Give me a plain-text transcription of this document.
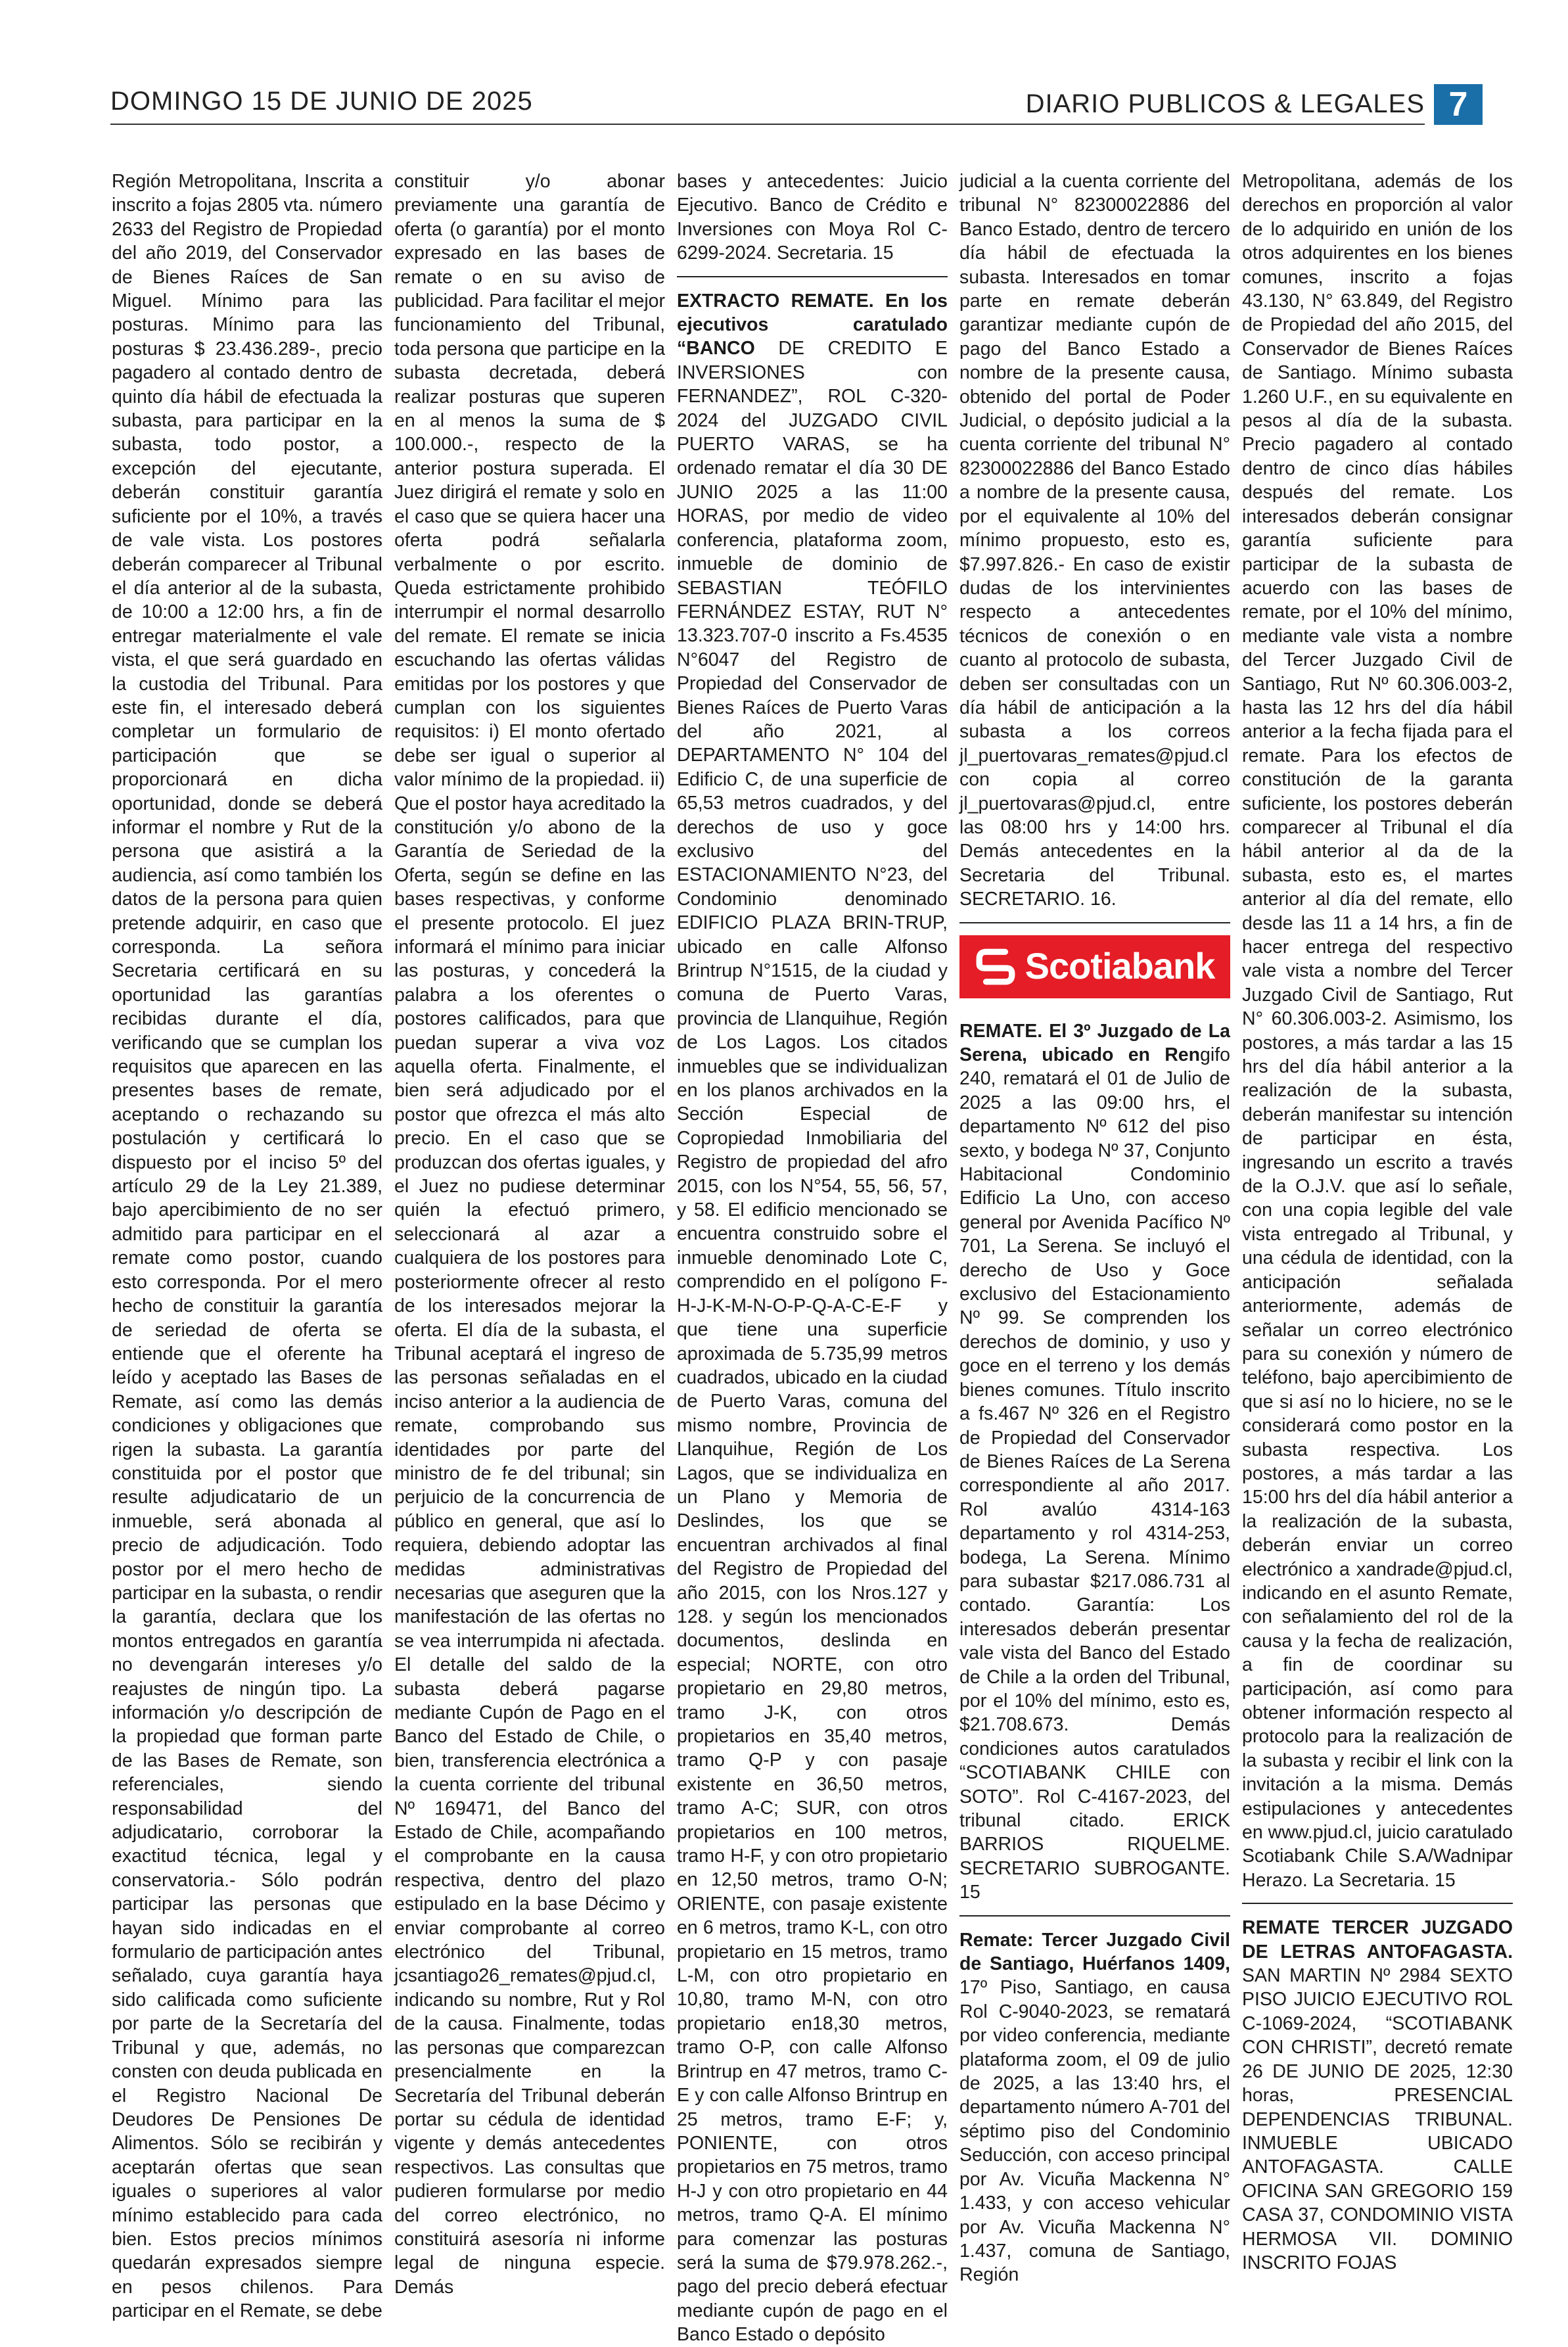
DOMINGO 15 DE JUNIO DE 2025	DIARIO PUBLICOS & LEGALES 7

Región Metropolitana, Inscrita a inscrito a fojas 2805 vta. número 2633 del Registro de Propiedad del año 2019, del Conservador de Bienes Raíces de San Miguel. Mínimo para las posturas. Mínimo para las posturas $ 23.436.289-, precio pagadero al contado dentro de quinto día hábil de efectuada la subasta, para participar en la subasta, todo postor, a excepción del ejecutante, deberán constituir garantía suficiente por el 10%, a través de vale vista. Los postores deberán comparecer al Tribunal el día anterior al de la subasta, de 10:00 a 12:00 hrs, a fin de entregar materialmente el vale vista, el que será guardado en la custodia del Tribunal. Para este fin, el interesado deberá completar un formulario de participación que se proporcionará en dicha oportunidad, donde se deberá informar el nombre y Rut de la persona que asistirá a la audiencia, así como también los datos de la persona para quien pretende adquirir, en caso que corresponda. La señora Secretaria certificará en su oportunidad las garantías recibidas durante el día, verificando que se cumplan los requisitos que aparecen en las presentes bases de remate, aceptando o rechazando su postulación y certificará lo dispuesto por el inciso 5º del artículo 29 de la Ley 21.389, bajo apercibimiento de no ser admitido para participar en el remate como postor, cuando esto corresponda. Por el mero hecho de constituir la garantía de seriedad de oferta se entiende que el oferente ha leído y aceptado las Bases de Remate, así como las demás condiciones y obligaciones que rigen la subasta. La garantía constituida por el postor que resulte adjudicatario de un inmueble, será abonada al precio de adjudicación. Todo postor por el mero hecho de participar en la subasta, o rendir la garantía, declara que los montos entregados en garantía no devengarán intereses y/o reajustes de ningún tipo. La información y/o descripción de la propiedad que forman parte de las Bases de Remate, son referenciales, siendo responsabilidad del adjudicatario, corroborar la exactitud técnica, legal y conservatoria.- Sólo podrán participar las personas que hayan sido indicadas en el formulario de participación antes señalado, cuya garantía haya sido calificada como suficiente por parte de la Secretaría del Tribunal y que, además, no consten con deuda publicada en el Registro Nacional De Deudores De Pensiones De Alimentos. Sólo se recibirán y aceptarán ofertas que sean iguales o superiores al valor mínimo establecido para cada bien. Estos precios mínimos quedarán expresados siempre en pesos chilenos. Para participar en el Remate, se debe

constituir y/o abonar previamente una garantía de oferta (o garantía) por el monto expresado en las bases de remate o en su aviso de publicidad. Para facilitar el mejor funcionamiento del Tribunal, toda persona que participe en la subasta decretada, deberá realizar posturas que superen en al menos la suma de $ 100.000.-, respecto de la anterior postura superada. El Juez dirigirá el remate y solo en el caso que se quiera hacer una oferta podrá señalarla verbalmente o por escrito. Queda estrictamente prohibido interrumpir el normal desarrollo del remate. El remate se inicia escuchando las ofertas válidas emitidas por los postores y que cumplan con los siguientes requisitos: i) El monto ofertado debe ser igual o superior al valor mínimo de la propiedad. ii) Que el postor haya acreditado la constitución y/o abono de la Garantía de Seriedad de la Oferta, según se define en las bases respectivas, y conforme el presente protocolo. El juez informará el mínimo para iniciar las posturas, y concederá la palabra a los oferentes o postores calificados, para que puedan superar a viva voz aquella oferta. Finalmente, el bien será adjudicado por el postor que ofrezca el más alto precio. En el caso que se produzcan dos ofertas iguales, y el Juez no pudiese determinar quién la efectuó primero, seleccionará al azar a cualquiera de los postores para posteriormente ofrecer al resto de los interesados mejorar la oferta. El día de la subasta, el Tribunal aceptará el ingreso de las personas señaladas en el inciso anterior a la audiencia de remate, comprobando sus identidades por parte del ministro de fe del tribunal; sin perjuicio de la concurrencia de público en general, que así lo requiera, debiendo adoptar las medidas administrativas necesarias que aseguren que la manifestación de las ofertas no se vea interrumpida ni afectada. El detalle del saldo de la subasta deberá pagarse mediante Cupón de Pago en el Banco del Estado de Chile, o bien, transferencia electrónica a la cuenta corriente del tribunal Nº 169471, del Banco del Estado de Chile, acompañando el comprobante en la causa respectiva, dentro del plazo estipulado en la base Décimo y enviar comprobante al correo electrónico del Tribunal, jcsantiago26_remates@pjud.cl, indicando su nombre, Rut y Rol de la causa. Finalmente, todas las personas que comparezcan presencialmente en la Secretaría del Tribunal deberán portar su cédula de identidad vigente y demás antecedentes respectivos. Las consultas que pudieren formularse por medio del correo electrónico, no constituirá asesoría ni informe legal de ninguna especie. Demás

bases y antecedentes: Juicio Ejecutivo. Banco de Crédito e Inversiones con Moya Rol C-6299-2024. Secretaria. 15

EXTRACTO REMATE. En los ejecutivos caratulado “BANCO DE CREDITO E INVERSIONES con FERNANDEZ”, ROL C-320-2024 del JUZGADO CIVIL PUERTO VARAS, se ha ordenado rematar el día 30 DE JUNIO 2025 a las 11:00 HORAS, por medio de video conferencia, plataforma zoom, inmueble de dominio de SEBASTIAN TEÓFILO FERNÁNDEZ ESTAY, RUT N° 13.323.707-0 inscrito a Fs.4535 N°6047 del Registro de Propiedad del Conservador de Bienes Raíces de Puerto Varas del año 2021, al DEPARTAMENTO N° 104 del Edificio C, de una superficie de 65,53 metros cuadrados, y del derechos de uso y goce exclusivo del ESTACIONAMIENTO N°23, del Condominio denominado EDIFICIO PLAZA BRIN-TRUP, ubicado en calle Alfonso Brintrup N°1515, de la ciudad y comuna de Puerto Varas, provincia de Llanquihue, Región de Los Lagos. Los citados inmuebles que se individualizan en los planos archivados en la Sección Especial de Copropiedad Inmobiliaria del Registro de propiedad del afro 2015, con los N°54, 55, 56, 57, y 58. El edificio mencionado se encuentra construido sobre el inmueble denominado Lote C, comprendido en el polígono F-H-J-K-M-N-O-P-Q-A-C-E-F y que tiene una superficie aproximada de 5.735,99 metros cuadrados, ubicado en la ciudad de Puerto Varas, comuna del mismo nombre, Provincia de Llanquihue, Región de Los Lagos, que se individualiza en un Plano y Memoria de Deslindes, los que se encuentran archivados al final del Registro de Propiedad del año 2015, con los Nros.127 y 128. y según los mencionados documentos, deslinda en especial; NORTE, con otro propietario en 29,80 metros, tramo J-K, con otros propietarios en 35,40 metros, tramo Q-P y con pasaje existente en 36,50 metros, tramo A-C; SUR, con otros propietarios en 100 metros, tramo H-F, y con otro propietario en 12,50 metros, tramo O-N; ORIENTE, con pasaje existente en 6 metros, tramo K-L, con otro propietario en 15 metros, tramo L-M, con otro propietario en 10,80, tramo M-N, con otro propietario en18,30 metros, tramo O-P, con calle Alfonso Brintrup en 47 metros, tramo C-E y con calle Alfonso Brintrup en 25 metros, tramo E-F; y, PONIENTE, con otros propietarios en 75 metros, tramo H-J y con otro propietario en 44 metros, tramo Q-A. El mínimo para comenzar las posturas será la suma de $79.978.262.-, pago del precio deberá efectuar mediante cupón de pago en el Banco Estado o depósito

judicial a la cuenta corriente del tribunal N° 82300022886 del Banco Estado, dentro de tercero día hábil de efectuada la subasta. Interesados en tomar parte en remate deberán garantizar mediante cupón de pago del Banco Estado a nombre de la presente causa, obtenido del portal de Poder Judicial, o depósito judicial a la cuenta corriente del tribunal N° 82300022886 del Banco Estado a nombre de la presente causa, por el equivalente al 10% del mínimo propuesto, esto es, $7.997.826.- En caso de existir dudas de los intervinientes respecto a antecedentes técnicos de conexión o en cuanto al protocolo de subasta, deben ser consultadas con un día hábil de anticipación a la subasta a los correos jl_puertovaras_remates@pjud.cl con copia al correo jl_puertovaras@pjud.cl, entre las 08:00 hrs y 14:00 hrs. Demás antecedentes en la Secretaria del Tribunal. SECRETARIO. 16.

Scotiabank

REMATE. El 3º Juzgado de La Serena, ubicado en Rengifo 240, rematará el 01 de Julio de 2025 a las 09:00 hrs, el departamento Nº 612 del piso sexto, y bodega Nº 37, Conjunto Habitacional Condominio Edificio La Uno, con acceso general por Avenida Pacífico Nº 701, La Serena. Se incluyó el derecho de Uso y Goce exclusivo del Estacionamiento Nº 99. Se comprenden los derechos de dominio, y uso y goce en el terreno y los demás bienes comunes. Título inscrito a fs.467 Nº 326 en el Registro de Propiedad del Conservador de Bienes Raíces de La Serena correspondiente al año 2017. Rol avalúo 4314-163 departamento y rol 4314-253, bodega, La Serena. Mínimo para subastar $217.086.731 al contado. Garantía: Los interesados deberán presentar vale vista del Banco del Estado de Chile a la orden del Tribunal, por el 10% del mínimo, esto es, $21.708.673. Demás condiciones autos caratulados “SCOTIABANK CHILE con SOTO”. Rol C-4167-2023, del tribunal citado. ERICK BARRIOS RIQUELME. SECRETARIO SUBROGANTE. 15

Remate: Tercer Juzgado Civil de Santiago, Huérfanos 1409, 17º Piso, Santiago, en causa Rol C-9040-2023, se rematará por video conferencia, mediante plataforma zoom, el 09 de julio de 2025, a las 13:40 hrs, el departamento número A-701 del séptimo piso del Condominio Seducción, con acceso principal por Av. Vicuña Mackenna N° 1.433, y con acceso vehicular por Av. Vicuña Mackenna N° 1.437, comuna de Santiago, Región

Metropolitana, además de los derechos en proporción al valor de lo adquirido en unión de los otros adquirentes en los bienes comunes, inscrito a fojas 43.130, N° 63.849, del Registro de Propiedad del año 2015, del Conservador de Bienes Raíces de Santiago. Mínimo subasta 1.260 U.F., en su equivalente en pesos al día de la subasta. Precio pagadero al contado dentro de cinco días hábiles después del remate. Los interesados deberán consignar garantía suficiente para participar de la subasta de acuerdo con las bases de remate, por el 10% del mínimo, mediante vale vista a nombre del Tercer Juzgado Civil de Santiago, Rut Nº 60.306.003-2, hasta las 12 hrs del día hábil anterior a la fecha fijada para el remate. Para los efectos de constitución de la garanta suficiente, los postores deberán comparecer al Tribunal el día hábil anterior al da de la subasta, esto es, el martes anterior al día del remate, ello desde las 11 a 14 hrs, a fin de hacer entrega del respectivo vale vista a nombre del Tercer Juzgado Civil de Santiago, Rut N° 60.306.003-2. Asimismo, los postores, a más tardar a las 15 hrs del día hábil anterior a la realización de la subasta, deberán manifestar su intención de participar en ésta, ingresando un escrito a través de la O.J.V. que así lo señale, con una copia legible del vale vista entregado al Tribunal, y una cédula de identidad, con la anticipación señalada anteriormente, además de señalar un correo electrónico para su conexión y número de teléfono, bajo apercibimiento de que si así no lo hiciere, no se le considerará como postor en la subasta respectiva. Los postores, a más tardar a las 15:00 hrs del día hábil anterior a la realización de la subasta, deberán enviar un correo electrónico a xandrade@pjud.cl, indicando en el asunto Remate, con señalamiento del rol de la causa y la fecha de realización, a fin de coordinar su participación, así como para obtener información respecto al protocolo para la realización de la subasta y recibir el link con la invitación a la misma. Demás estipulaciones y antecedentes en www.pjud.cl, juicio caratulado Scotiabank Chile S.A/Wadnipar Herazo. La Secretaria. 15

REMATE TERCER JUZGADO DE LETRAS ANTOFAGASTA. SAN MARTIN Nº 2984 SEXTO PISO JUICIO EJECUTIVO ROL C-1069-2024, “SCOTIABANK CON CHRISTI”, decretó remate 26 DE JUNIO DE 2025, 12:30 horas, PRESENCIAL DEPENDENCIAS TRIBUNAL. INMUEBLE UBICADO ANTOFAGASTA. CALLE OFICINA SAN GREGORIO 159 CASA 37, CONDOMINIO VISTA HERMOSA VII. DOMINIO INSCRITO FOJAS
